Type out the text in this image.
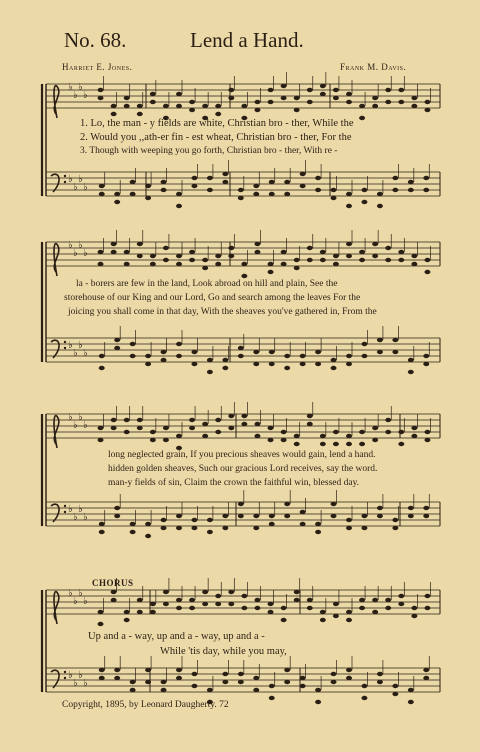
♭
♭
♭
♭
♭
♭
♭
♭
♭
♭
♭
♭
♭
♭
♭
♭
♭
♭
♭
♭
♭
♭
♭
♭
♭
♭
♭
♭
♭
♭
♭
♭
No. 68.	Lend a Hand.
Harriet E. Jones.	Frank M. Davis.
1. Lo, the man - y fields are white, Christian bro - ther, While the
2. Would you ,,ath-er fin - est wheat, Christian bro - ther, For the
3. Though with weeping you go forth, Christian bro - ther, With re -
la - borers are few in the land, Look abroad on hill and plain, See the
storehouse of our King and our Lord, Go and search among the leaves For the
joicing you shall come in that day, With the sheaves you've gathered in, From the
long neglected grain, If you precious sheaves would gain, lend a hand.
hidden golden sheaves, Such our gracious Lord receives, say the word.
man-y fields of sin, Claim the crown the faithful win, blessed day.
CHORUS
Up and a - way, up and a - way, up and a -
While 'tis day, while you may,
Copyright, 1895, by Leonard Daugherty. 72
